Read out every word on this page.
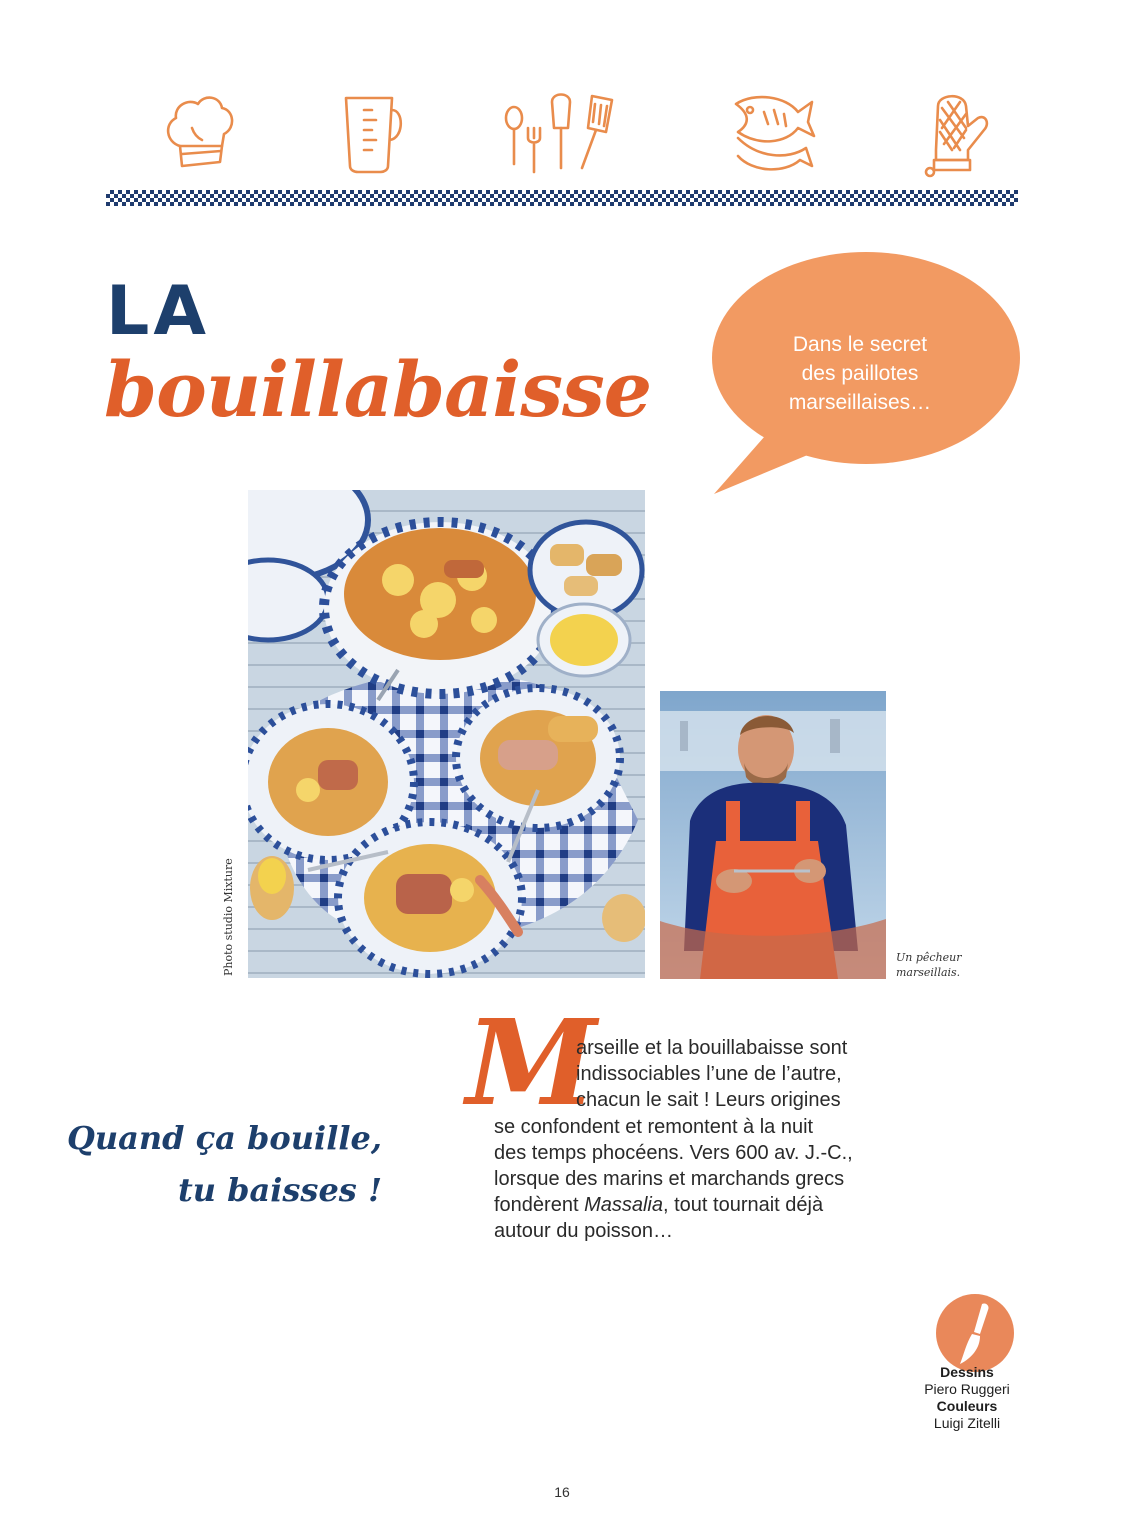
LA
bouillabaisse
Dans le secret
des paillotes
marseillaises…
Photo studio Mixture	Un pêcheur
marseillais.
Quand ça bouille,
tu baisses !
M
arseille et la bouillabaisse sont
indissociables l’une de l’autre,
chacun le sait ! Leurs origines
se confondent et remontent à la nuit
des temps phocéens. Vers 600 av. J.-C.,
lorsque des marins et marchands grecs
fondèrent Massalia, tout tournait déjà
autour du poisson…
Dessins
Piero Ruggeri
Couleurs
Luigi Zitelli
16
